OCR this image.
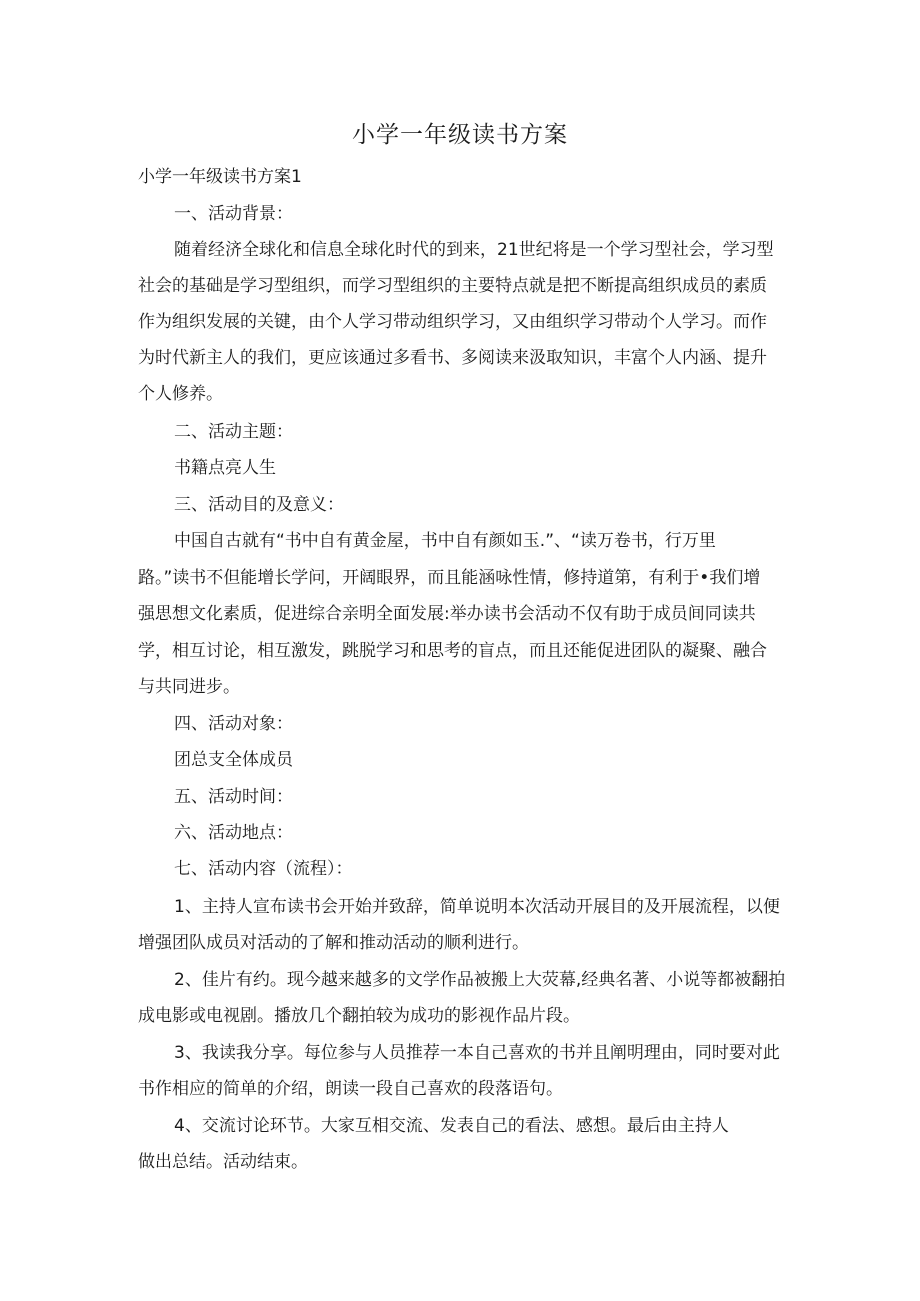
小学一年级读书方案
小学一年级读书方案1
一、活动背景：
随着经济全球化和信息全球化时代的到来，21世纪将是一个学习型社会，学习型
社会的基础是学习型组织，而学习型组织的主要特点就是把不断提高组织成员的素质
作为组织发展的关键，由个人学习带动组织学习，又由组织学习带动个人学习。而作
为时代新主人的我们，更应该通过多看书、多阅读来汲取知识，丰富个人内涵、提升
个人修养。
二、活动主题：
书籍点亮人生
三、活动目的及意义：
中国自古就有“书中自有黄金屋，书中自有颜如玉.”、“读万卷书，行万里
路。”读书不但能增长学问，开阔眼界，而且能涵咏性情，修持道第，有利于•我们增
强思想文化素质，促进综合亲明全面发展:举办读书会活动不仅有助于成员间同读共
学，相互讨论，相互激发，跳脱学习和思考的盲点，而且还能促进团队的凝聚、融合
与共同进步。
四、活动对象：
团总支全体成员
五、活动时间：
六、活动地点：
七、活动内容（流程）：
1、主持人宣布读书会开始并致辞，简单说明本次活动开展目的及开展流程，以便
增强团队成员对活动的了解和推动活动的顺利进行。
2、佳片有约。现今越来越多的文学作品被搬上大荧幕,经典名著、小说等都被翻拍
成电影或电视剧。播放几个翻拍较为成功的影视作品片段。
3、我读我分享。每位参与人员推荐一本自己喜欢的书并且阐明理由，同时要对此
书作相应的简单的介绍，朗读一段自己喜欢的段落语句。
4、交流讨论环节。大家互相交流、发表自己的看法、感想。最后由主持人
做出总结。活动结束。
